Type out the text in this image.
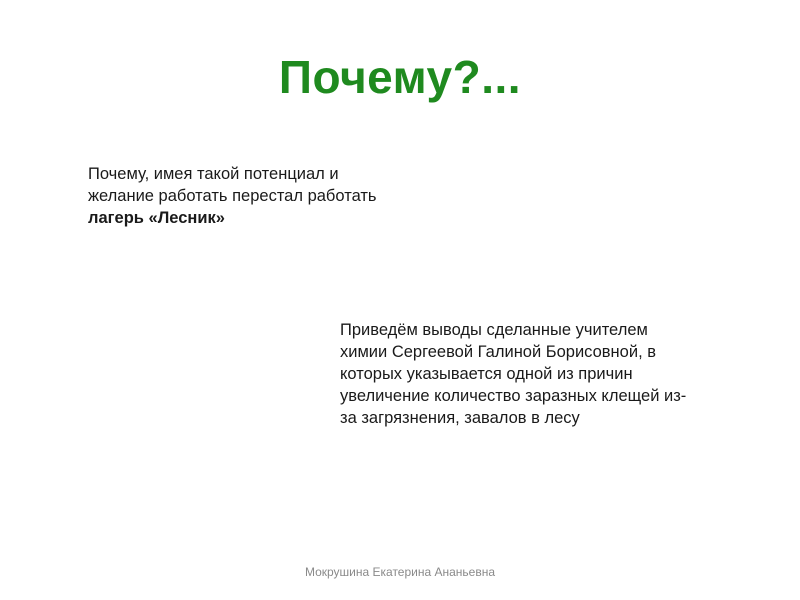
Почему?...
Почему, имея такой потенциал и
желание работать перестал работать
лагерь «Лесник»
Приведём выводы сделанные учителем
химии Сергеевой Галиной Борисовной, в
которых указывается одной из причин
увеличение количество заразных клещей из-
за загрязнения, завалов в лесу
Мокрушина Екатерина Ананьевна
